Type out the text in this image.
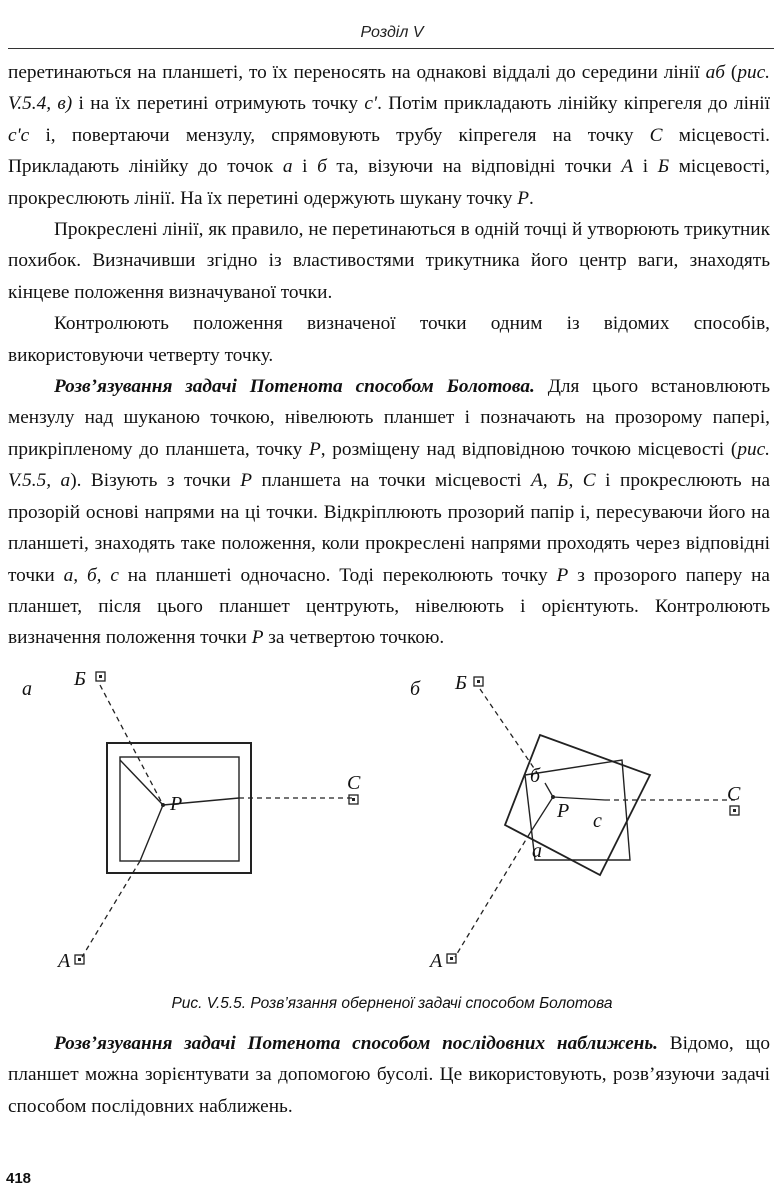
Розділ V

перетинаються на планшеті, то їх переносять на однакові віддалі до середини лінії аб (рис. V.5.4, в) і на їх перетині отримують точку с'. Потім прикладають лінійку кіпрегеля до лінії с'с і, повертаючи мензулу, спрямовують трубу кіпрегеля на точку С місцевості. Прикладають лінійку до точок а і б та, візуючи на відповідні точки А і Б місцевості, прокреслюють лінії. На їх перетині одержують шукану точку Р.

Прокреслені лінії, як правило, не перетинаються в одній точці й утворюють трикутник похибок. Визначивши згідно із властивостями трикутника його центр ваги, знаходять кінцеве положення визначуваної точки.

Контролюють положення визначеної точки одним із відомих способів, використовуючи четверту точку.

Розв’язування задачі Потенота способом Болотова. Для цього встановлюють мензулу над шуканою точкою, нівелюють планшет і позначають на прозорому папері, прикріпленому до планшета, точку Р, розміщену над відповідною точкою місцевості (рис. V.5.5, а). Візують з точки Р планшета на точки місцевості А, Б, С і прокреслюють на прозорій основі напрями на ці точки. Відкріплюють прозорий папір і, пересуваючи його на планшеті, знаходять таке положення, коли прокреслені напрями проходять через відповідні точки а, б, с на планшеті одночасно. Тоді переколюють точку Р з прозорого паперу на планшет, після цього планшет центрують, нівелюють і орієнтують. Контролюють визначення положення точки Р за четвертою точкою.

а Б
Р
С
А
б Б
б
Р с
а
С
А
Рис. V.5.5. Розв’язання оберненої задачі способом Болотова

Розв’язування задачі Потенота способом послідовних наближень. Відомо, що планшет можна зорієнтувати за допомогою бусолі. Це використовують, розв’язуючи задачі способом послідовних наближень.

418
